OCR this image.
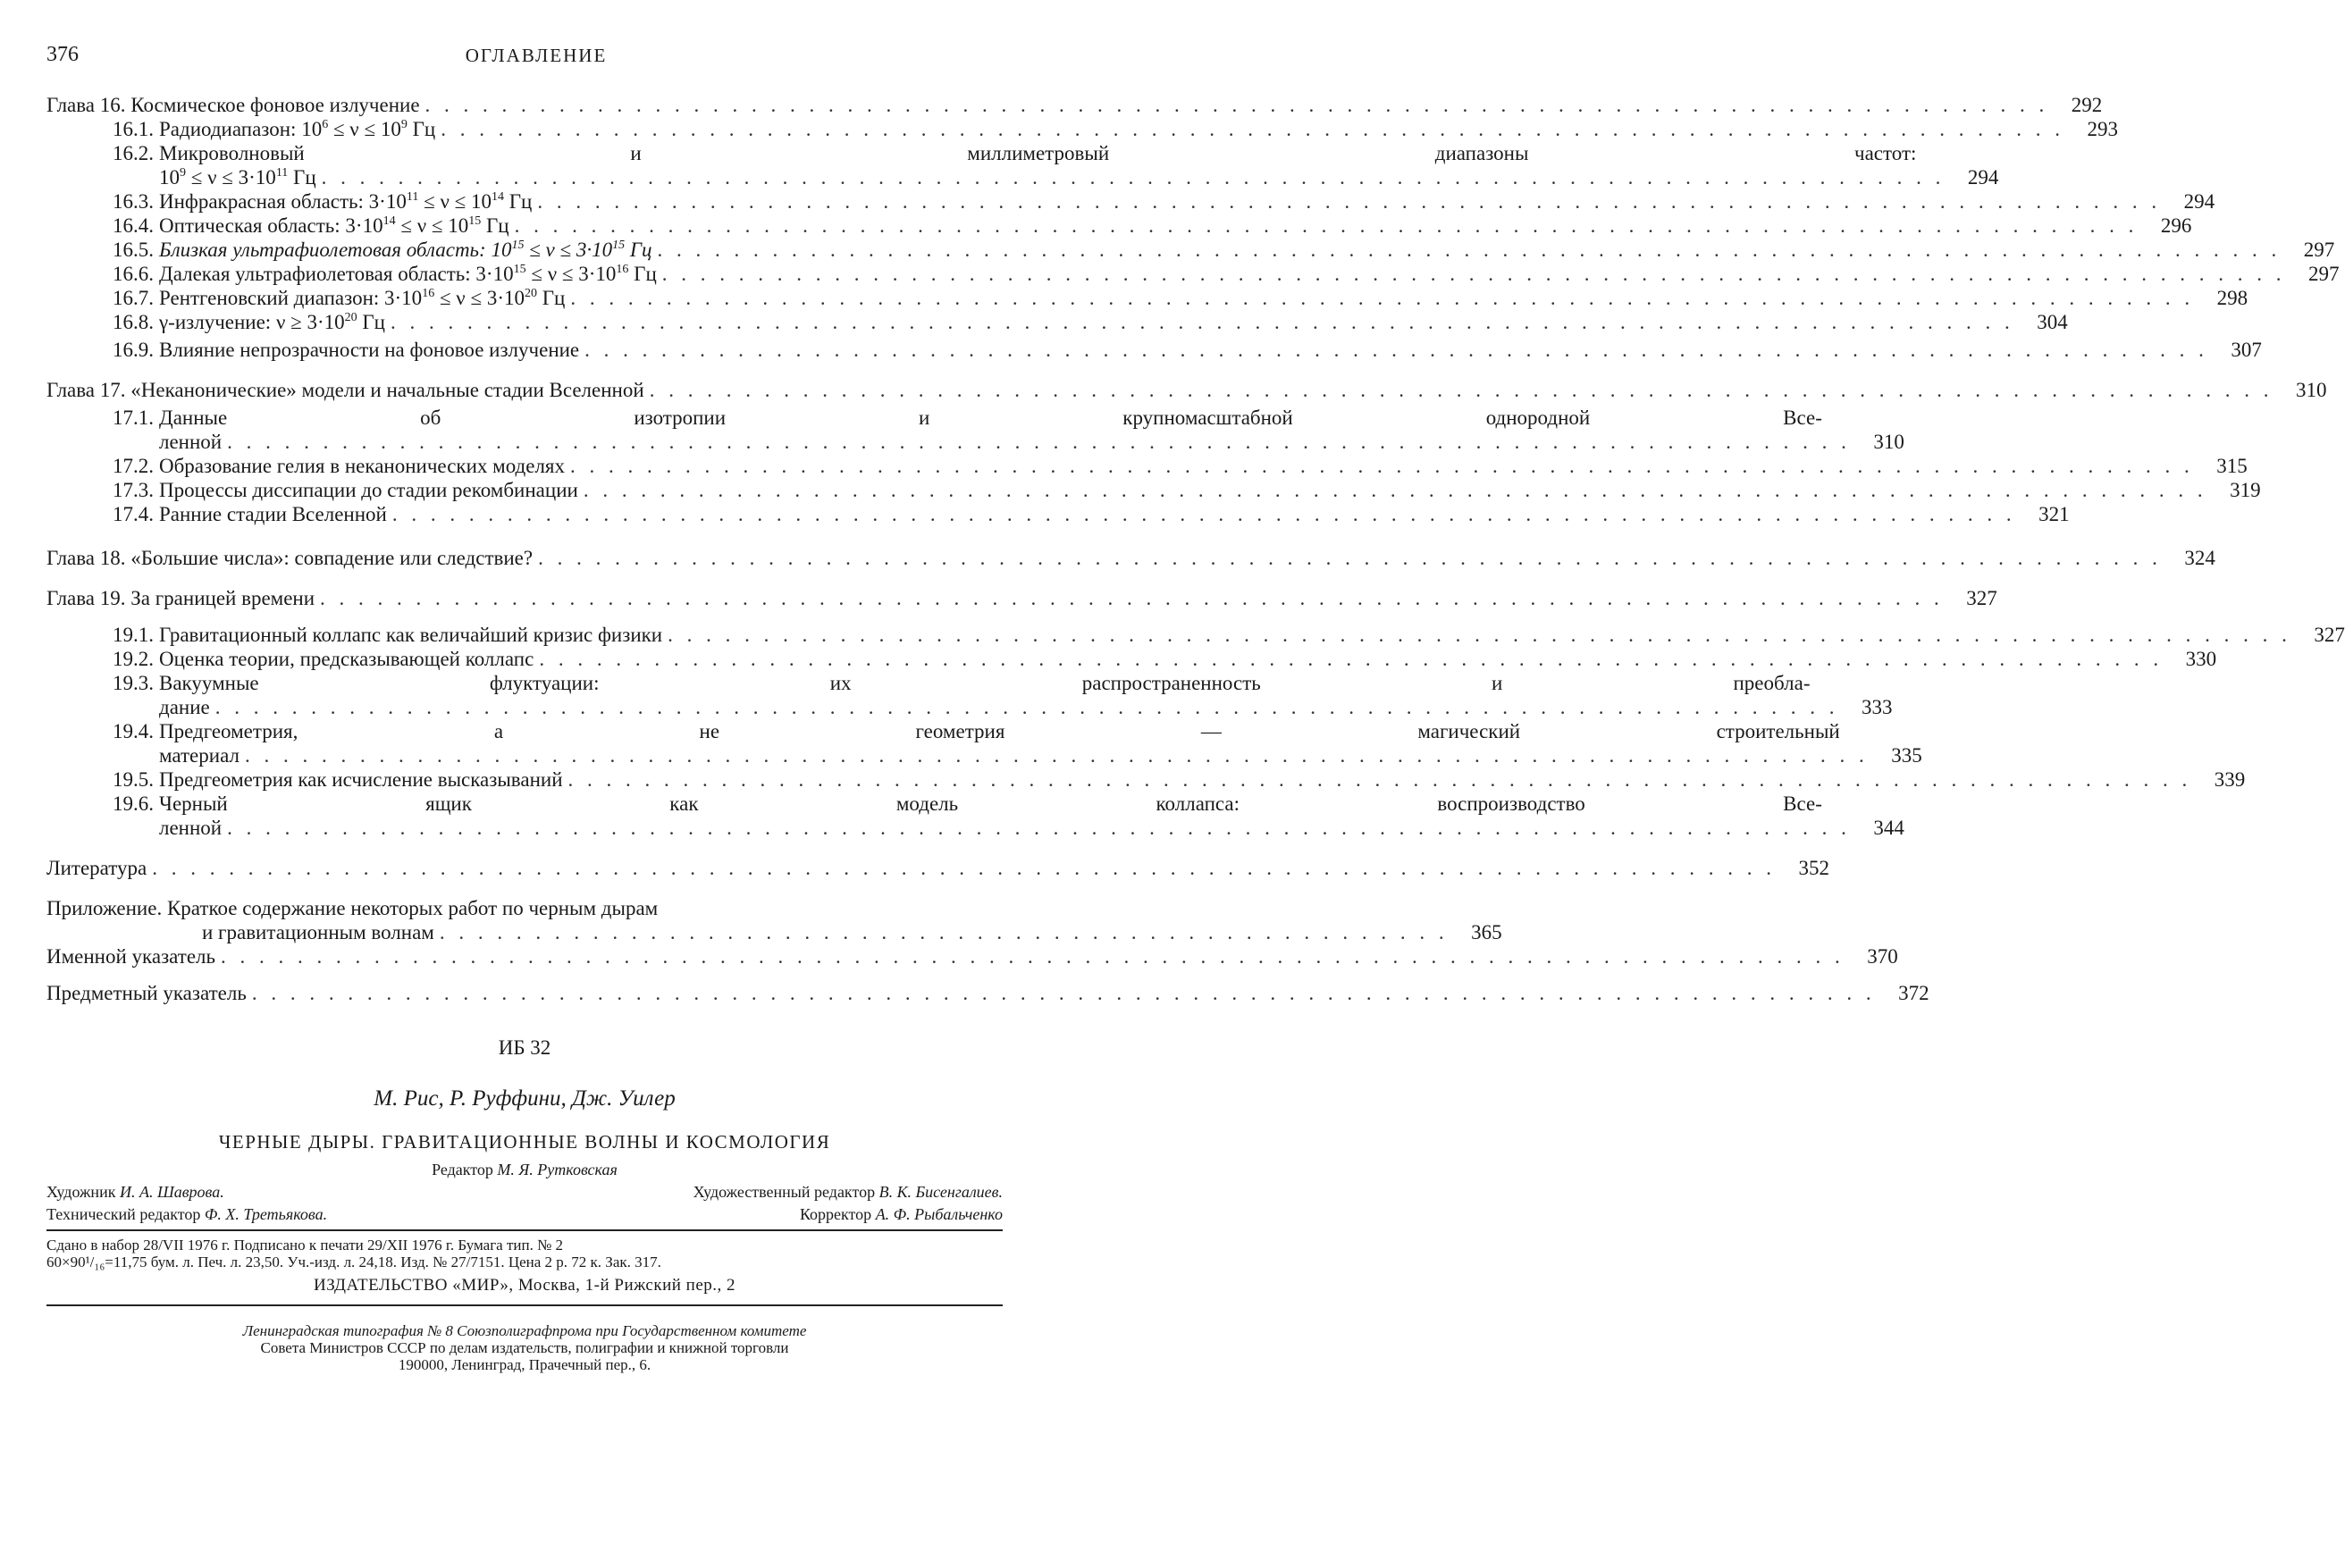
376	ОГЛАВЛЕНИЕ
Глава 16. Космическое фоновое излучение
. . .	292
16.1. Радиодиапазон: 106 ≤ ν ≤ 109 Гц
. . .	293
16.2. Микроволновый и миллиметровый диапазоны частот:
109 ≤ ν ≤ 3·1011 Гц
. . .	294
16.3. Инфракрасная область: 3·1011 ≤ ν ≤ 1014 Гц
. . .	294
16.4. Оптическая область: 3·1014 ≤ ν ≤ 1015 Гц
. . .	296
16.5. Близкая ультрафиолетовая область: 1015 ≤ ν ≤ 3·1015 Гц
. . .	297
16.6. Далекая ультрафиолетовая область: 3·1015 ≤ ν ≤ 3·1016 Гц
. . .	297
16.7. Рентгеновский диапазон: 3·1016 ≤ ν ≤ 3·1020 Гц
. . .	298
16.8. γ-излучение: ν ≥ 3·1020 Гц
. . .	304
16.9. Влияние непрозрачности на фоновое излучение
. . .	307
Глава 17. «Неканонические» модели и начальные стадии Вселенной
. . .	310
17.1. Данные об изотропии и крупномасштабной однородной Все-
ленной
. . .	310
17.2. Образование гелия в неканонических моделях
. . .	315
17.3. Процессы диссипации до стадии рекомбинации
. . .	319
17.4. Ранние стадии Вселенной
. . .	321
Глава 18. «Большие числа»: совпадение или следствие?
. . .	324
Глава 19. За границей времени
. . .	327
19.1. Гравитационный коллапс как величайший кризис физики
. . .	327
19.2. Оценка теории, предсказывающей коллапс
. . .	330
19.3. Вакуумные флуктуации: их распространенность и преобла-
дание
. . .	333
19.4. Предгеометрия, а не геометрия — магический строительный
материал
. . .	335
19.5. Предгеометрия как исчисление высказываний
. . .	339
19.6. Черный ящик как модель коллапса: воспроизводство Все-
ленной
. . .	344
Литература
. . .	352
Приложение. Краткое содержание некоторых работ по черным дырам
и гравитационным волнам
. . .	365
Именной указатель
. . .	370
Предметный указатель
. . .	372
ИБ 32
М. Рис, Р. Руффини, Дж. Уилер
ЧЕРНЫЕ ДЫРЫ. ГРАВИТАЦИОННЫЕ ВОЛНЫ И КОСМОЛОГИЯ
Редактор М. Я. Рутковская
Художник И. А. Шаврова.	Художественный редактор В. К. Бисенгалиев.
Технический редактор Ф. Х. Третьякова.	Корректор А. Ф. Рыбальченко
Сдано в набор 28/VII 1976 г. Подписано к печати 29/XII 1976 г. Бумага тип. № 2
60×90¹/₁₆=11,75 бум. л. Печ. л. 23,50. Уч.-изд. л. 24,18. Изд. № 27/7151. Цена 2 р. 72 к. Зак. 317.
ИЗДАТЕЛЬСТВО «МИР», Москва, 1-й Рижский пер., 2
Ленинградская типография № 8 Союзполиграфпрома при Государственном комитете
Совета Министров СССР по делам издательств, полиграфии и книжной торговли
190000, Ленинград, Прачечный пер., 6.
